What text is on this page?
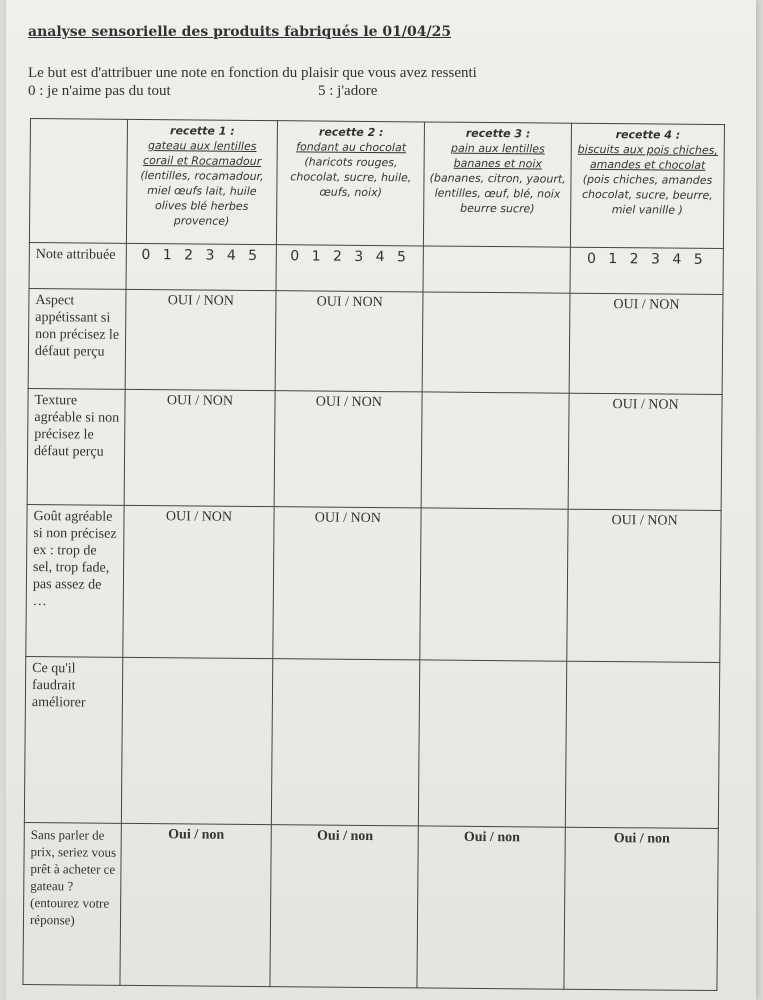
analyse sensorielle des produits fabriqués le 01/04/25
Le but est d'attribuer une note en fonction du plaisir que vous avez ressenti
0 : je n'aime pas du tout	5 : j'adore

	recette 1 :
gateau aux lentilles corail et Rocamadour
(lentilles, rocamadour, miel œufs lait, huile olives blé herbes provence)	recette 2 :
fondant au chocolat
(haricots rouges, chocolat, sucre, huile, œufs, noix)	recette 3 :
pain aux lentilles bananes et noix
(bananes, citron, yaourt, lentilles, œuf, blé, noix beurre sucre)	recette 4 :
biscuits aux pois chiches, amandes et chocolat
(pois chiches, amandes chocolat, sucre, beurre, miel vanille )

Note attribuée	0 1 2 3 4 5	0 1 2 3 4 5		0 1 2 3 4 5
Aspect appétissant si non précisez le défaut perçu	OUI / NON	OUI / NON		OUI / NON
Texture agréable si non précisez le défaut perçu	OUI / NON	OUI / NON		OUI / NON
Goût agréable si non précisez ex : trop de sel, trop fade, pas assez de …	OUI / NON	OUI / NON		OUI / NON
Ce qu'il faudrait améliorer				
Sans parler de prix, seriez vous prêt à acheter ce gateau ? (entourez votre réponse)	Oui / non	Oui / non	Oui / non	Oui / non
